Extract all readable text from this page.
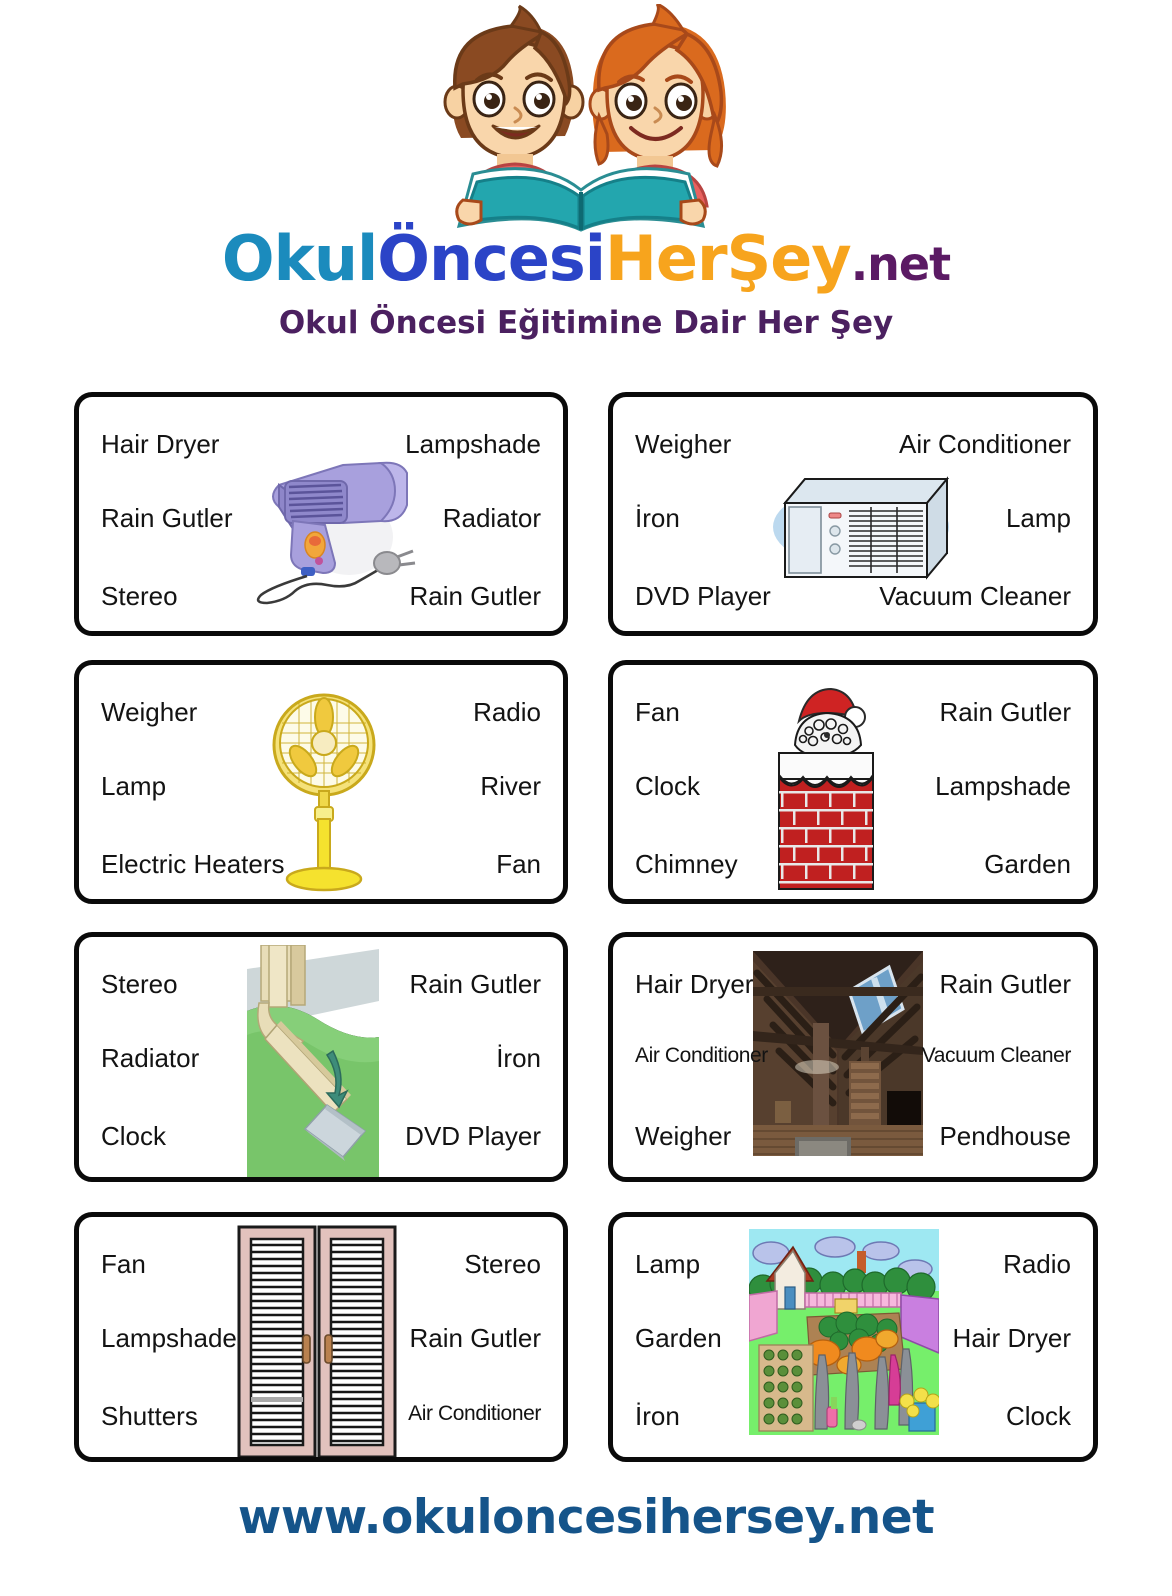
OkulÖncesiHerŞey.net
Okul Öncesi Eğitimine Dair Her Şey
Hair Dryer	Lampshade
Rain Gutler	Radiator
Stereo	Rain Gutler
Weigher	Air Conditioner
İron	Lamp
DVD Player	Vacuum Cleaner
Weigher	Radio
Lamp	River
Electric Heaters	Fan
Fan	Rain Gutler
Clock	Lampshade
Chimney	Garden
Stereo	Rain Gutler
Radiator	İron
Clock	DVD Player
Hair Dryer	Rain Gutler
Air Conditioner	Vacuum Cleaner
Weigher	Pendhouse
Fan	Stereo
Lampshade	Rain Gutler
Shutters	Air Conditioner
Lamp	Radio
Garden	Hair Dryer
İron	Clock
www.okuloncesihersey.net
